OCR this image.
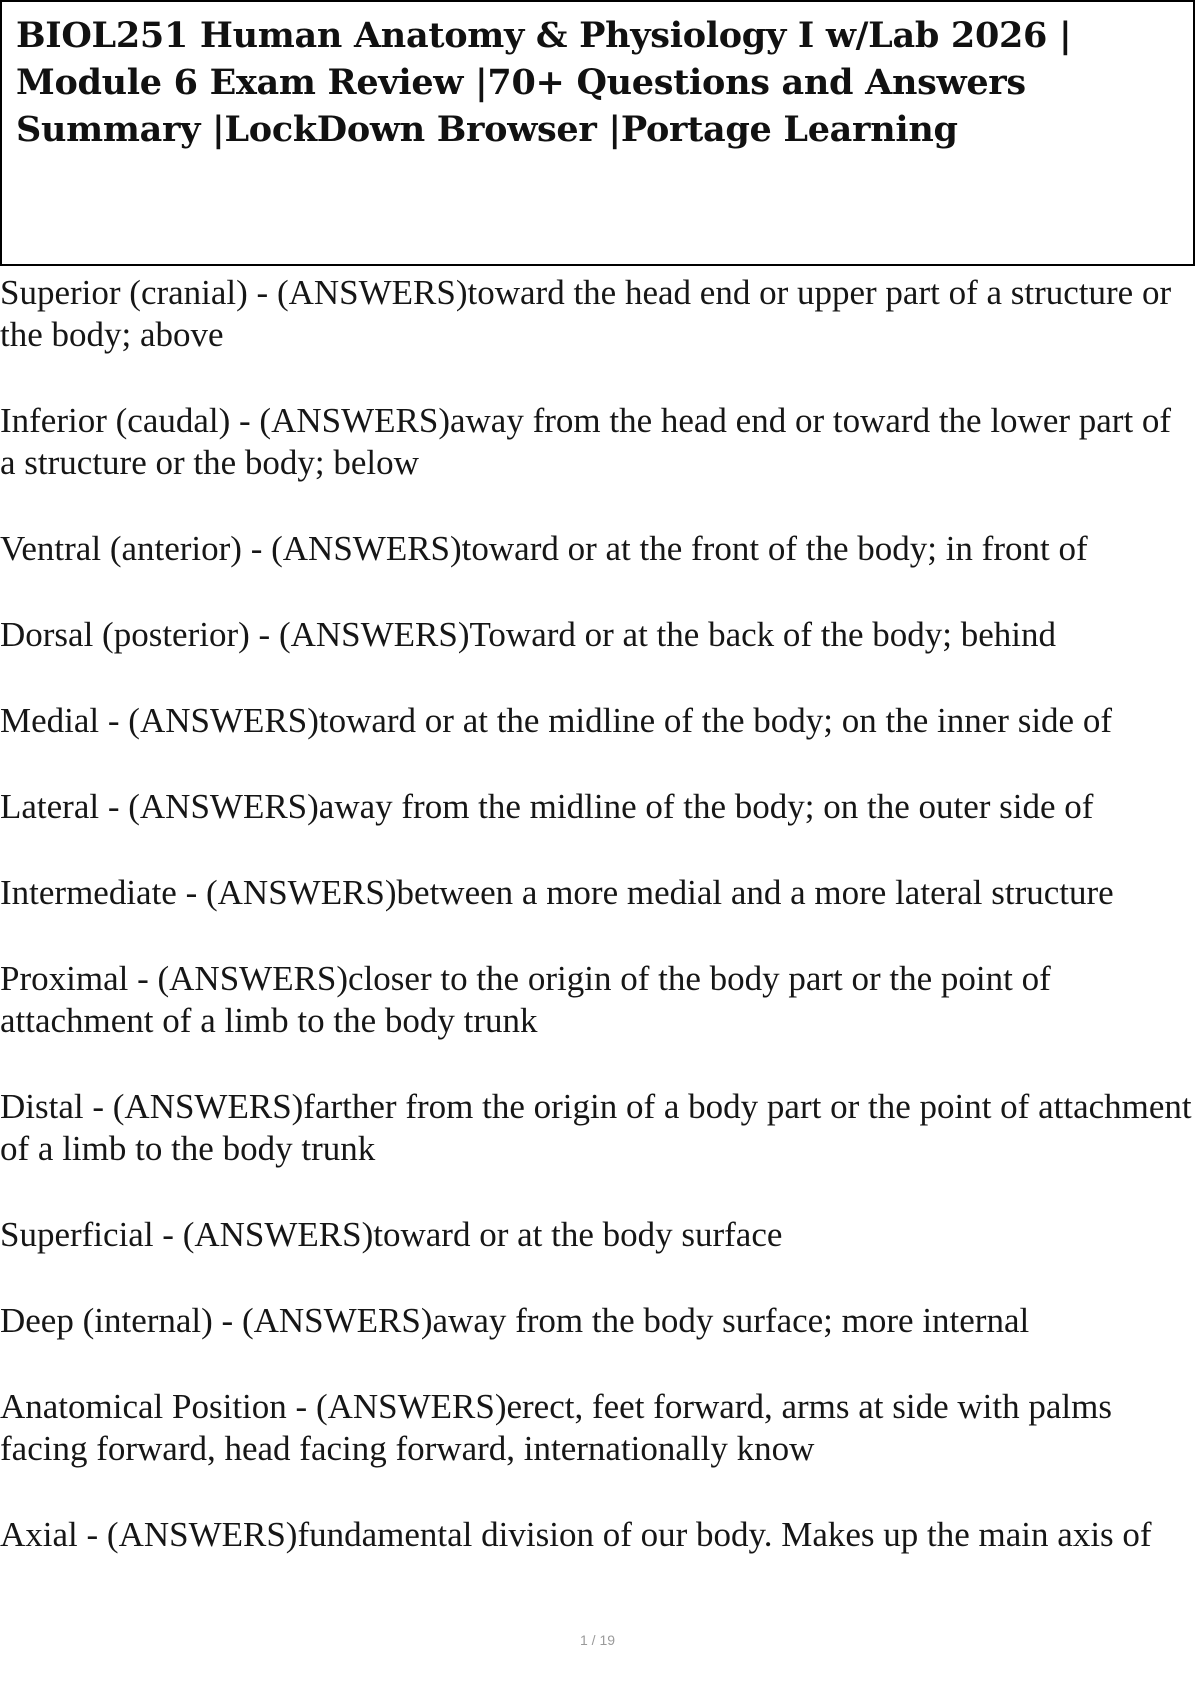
BIOL251 Human Anatomy & Physiology I w/Lab 2026 | Module 6 Exam Review |70+ Questions and Answers Summary |LockDown Browser |Portage Learning

Superior (cranial) - (ANSWERS)toward the head end or upper part of a structure or the body; above

Inferior (caudal) - (ANSWERS)away from the head end or toward the lower part of a structure or the body; below

Ventral (anterior) - (ANSWERS)toward or at the front of the body; in front of

Dorsal (posterior) - (ANSWERS)Toward or at the back of the body; behind

Medial - (ANSWERS)toward or at the midline of the body; on the inner side of

Lateral - (ANSWERS)away from the midline of the body; on the outer side of

Intermediate - (ANSWERS)between a more medial and a more lateral structure

Proximal - (ANSWERS)closer to the origin of the body part or the point of attachment of a limb to the body trunk

Distal - (ANSWERS)farther from the origin of a body part or the point of attachment of a limb to the body trunk

Superficial - (ANSWERS)toward or at the body surface

Deep (internal) - (ANSWERS)away from the body surface; more internal

Anatomical Position - (ANSWERS)erect, feet forward, arms at side with palms facing forward, head facing forward, internationally know

Axial - (ANSWERS)fundamental division of our body. Makes up the main axis of

1 / 19
